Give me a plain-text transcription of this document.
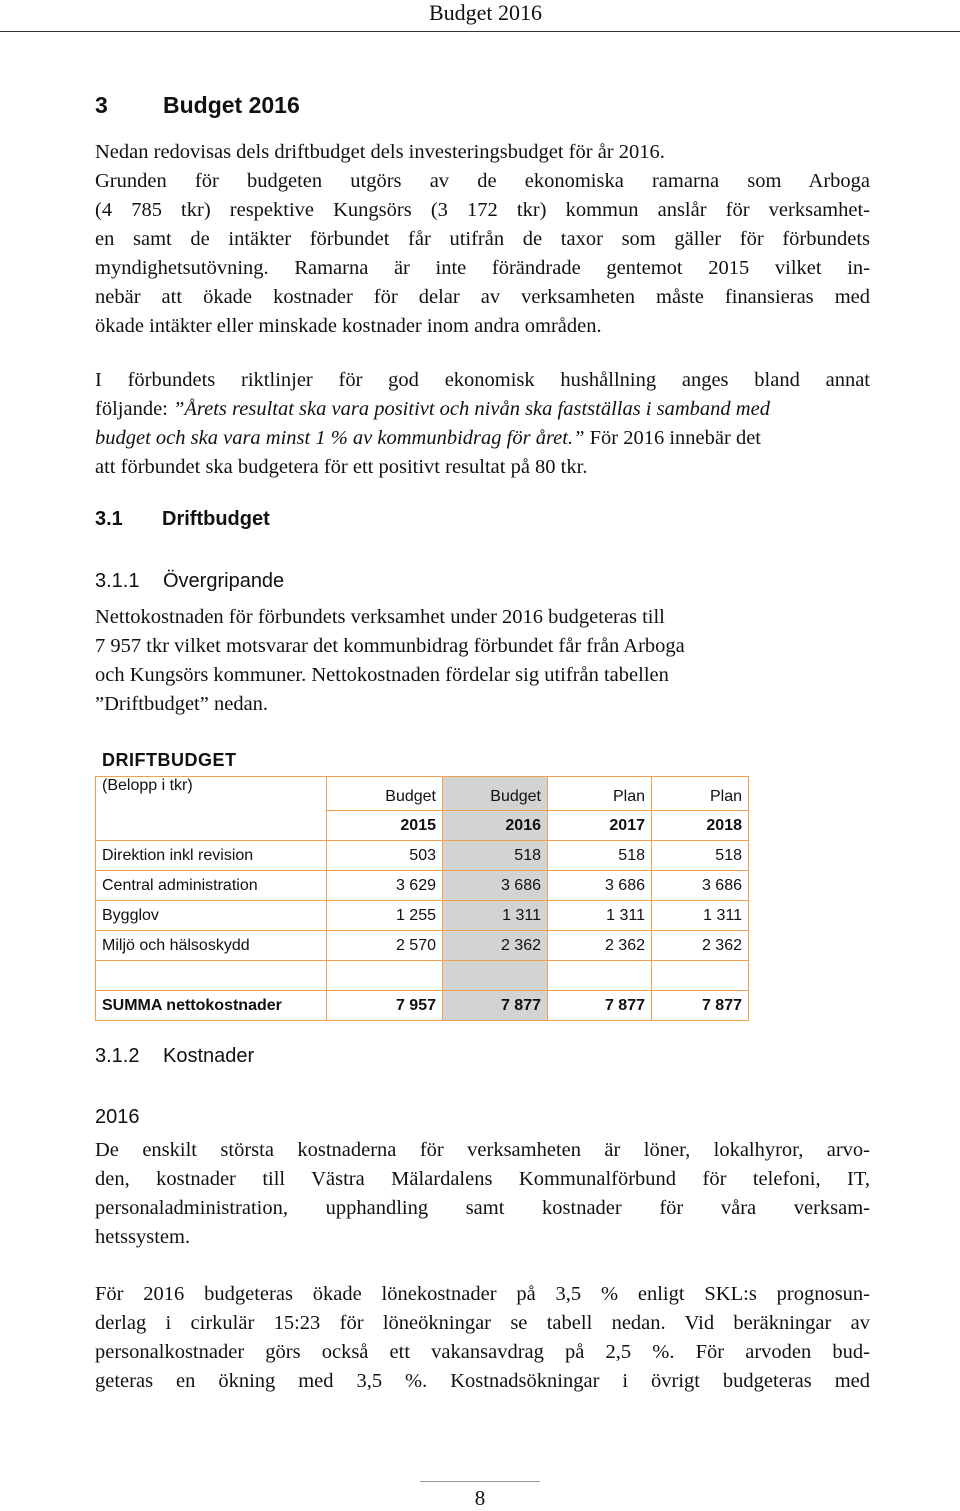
Budget 2016
3 Budget 2016
Nedan redovisas dels driftbudget dels investeringsbudget för år 2016.
Grunden för budgeten utgörs av de ekonomiska ramarna som Arboga
(4 785 tkr) respektive Kungsörs (3 172 tkr) kommun anslår för verksamhet-
en samt de intäkter förbundet får utifrån de taxor som gäller för förbundets
myndighetsutövning. Ramarna är inte förändrade gentemot 2015 vilket in-
nebär att ökade kostnader för delar av verksamheten måste finansieras med
ökade intäkter eller minskade kostnader inom andra områden.
I förbundets riktlinjer för god ekonomisk hushållning anges bland annat
följande: ”Årets resultat ska vara positivt och nivån ska fastställas i samband med
budget och ska vara minst 1 % av kommunbidrag för året.” För 2016 innebär det
att förbundet ska budgetera för ett positivt resultat på 80 tkr.
3.1 Driftbudget
3.1.1 Övergripande
Nettokostnaden för förbundets verksamhet under 2016 budgeteras till
7 957 tkr vilket motsvarar det kommunbidrag förbundet får från Arboga
och Kungsörs kommuner. Nettokostnaden fördelar sig utifrån tabellen
”Driftbudget” nedan.
DRIFTBUDGET
(Belopp i tkr)	Budget	Budget	Plan	Plan
	2015	2016	2017	2018
Direktion inkl revision	503	518	518	518
Central administration	3 629	3 686	3 686	3 686
Bygglov	1 255	1 311	1 311	1 311
Miljö och hälsoskydd	2 570	2 362	2 362	2 362

SUMMA nettokostnader	7 957	7 877	7 877	7 877
3.1.2 Kostnader
2016
De enskilt största kostnaderna för verksamheten är löner, lokalhyror, arvo-
den, kostnader till Västra Mälardalens Kommunalförbund för telefoni, IT,
personaladministration, upphandling samt kostnader för våra verksam-
hetssystem.
För 2016 budgeteras ökade lönekostnader på 3,5 % enligt SKL:s prognosun-
derlag i cirkulär 15:23 för löneökningar se tabell nedan. Vid beräkningar av
personalkostnader görs också ett vakansavdrag på 2,5 %. För arvoden bud-
geteras en ökning med 3,5 %. Kostnadsökningar i övrigt budgeteras med
8
